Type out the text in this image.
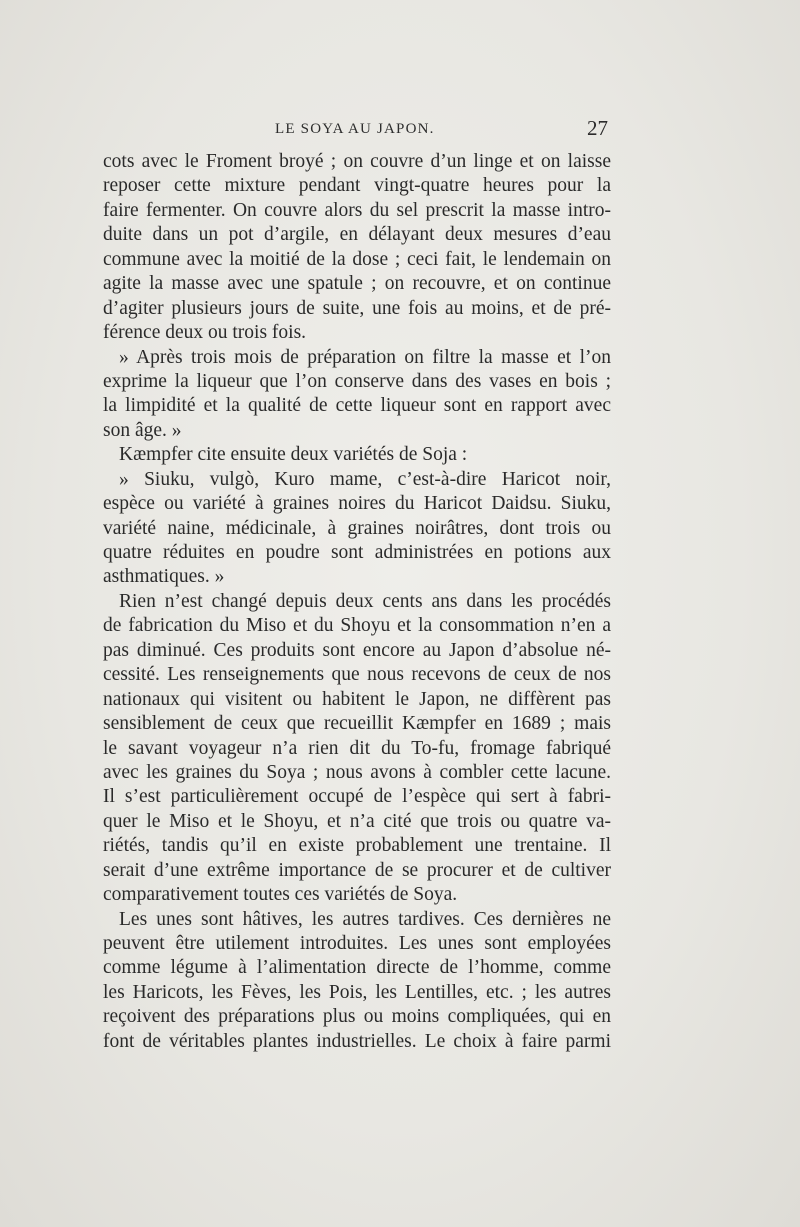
LE SOYA AU JAPON.	27
cots avec le Froment broyé ; on couvre d’un linge et on laisse
reposer cette mixture pendant vingt-quatre heures pour la
faire fermenter. On couvre alors du sel prescrit la masse intro-
duite dans un pot d’argile, en délayant deux mesures d’eau
commune avec la moitié de la dose ; ceci fait, le lendemain on
agite la masse avec une spatule ; on recouvre, et on continue
d’agiter plusieurs jours de suite, une fois au moins, et de pré-
férence deux ou trois fois.
» Après trois mois de préparation on filtre la masse et l’on
exprime la liqueur que l’on conserve dans des vases en bois ;
la limpidité et la qualité de cette liqueur sont en rapport avec
son âge. »
Kæmpfer cite ensuite deux variétés de Soja :
» Siuku, vulgò, Kuro mame, c’est-à-dire Haricot noir,
espèce ou variété à graines noires du Haricot Daidsu. Siuku,
variété naine, médicinale, à graines noirâtres, dont trois ou
quatre réduites en poudre sont administrées en potions aux
asthmatiques. »
Rien n’est changé depuis deux cents ans dans les procédés
de fabrication du Miso et du Shoyu et la consommation n’en a
pas diminué. Ces produits sont encore au Japon d’absolue né-
cessité. Les renseignements que nous recevons de ceux de nos
nationaux qui visitent ou habitent le Japon, ne diffèrent pas
sensiblement de ceux que recueillit Kæmpfer en 1689 ; mais
le savant voyageur n’a rien dit du To-fu, fromage fabriqué
avec les graines du Soya ; nous avons à combler cette lacune.
Il s’est particulièrement occupé de l’espèce qui sert à fabri-
quer le Miso et le Shoyu, et n’a cité que trois ou quatre va-
riétés, tandis qu’il en existe probablement une trentaine. Il
serait d’une extrême importance de se procurer et de cultiver
comparativement toutes ces variétés de Soya.
Les unes sont hâtives, les autres tardives. Ces dernières ne
peuvent être utilement introduites. Les unes sont employées
comme légume à l’alimentation directe de l’homme, comme
les Haricots, les Fèves, les Pois, les Lentilles, etc. ; les autres
reçoivent des préparations plus ou moins compliquées, qui en
font de véritables plantes industrielles. Le choix à faire parmi
